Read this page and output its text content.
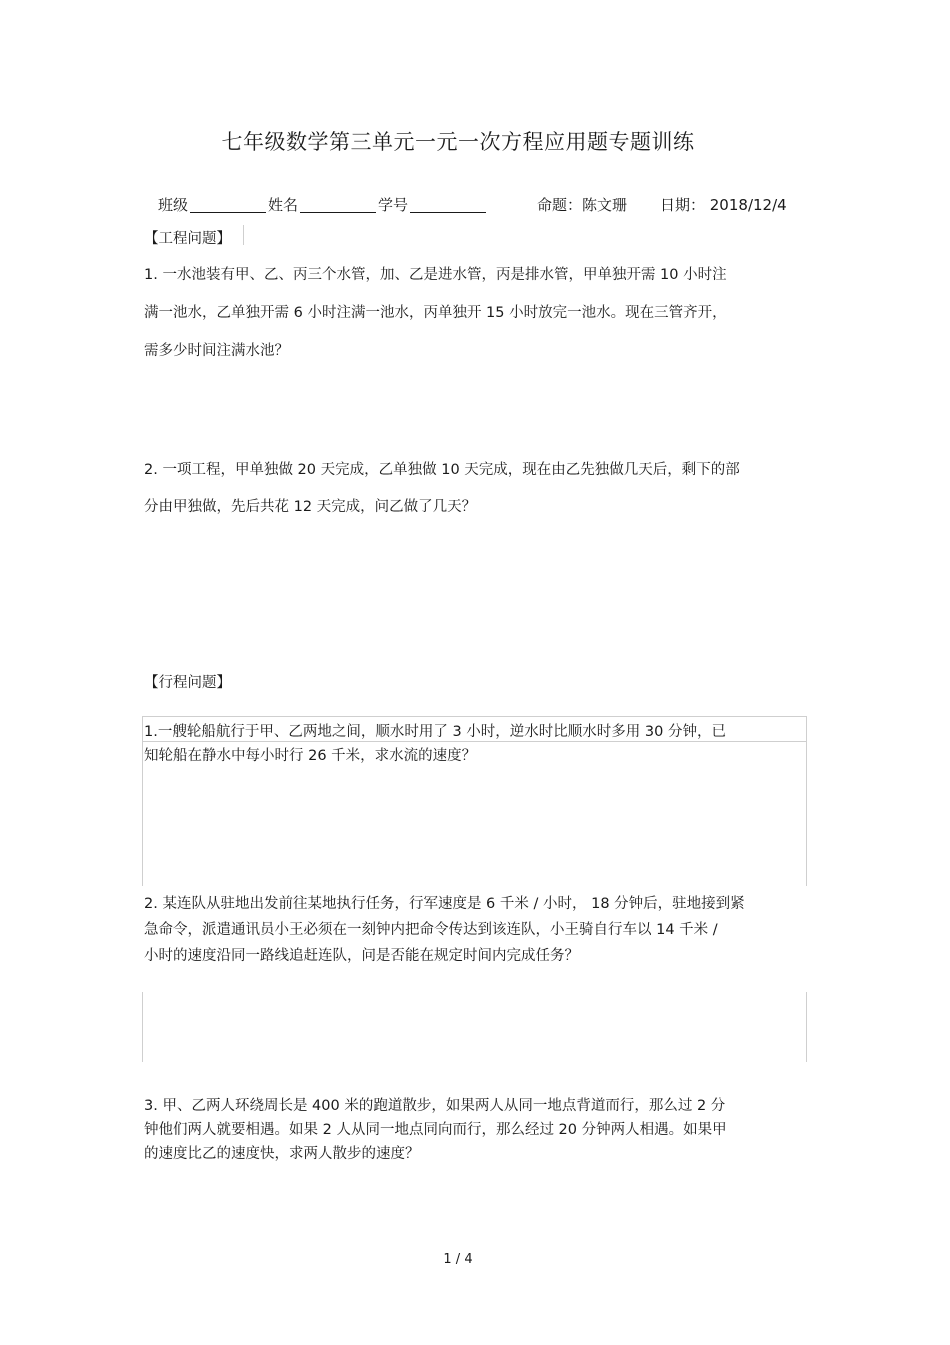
七年级数学第三单元一元一次方程应用题专题训练
班级	姓名	学号	命题：陈文珊 日期： 2018/12/4
【工程问题】
1. 一水池装有甲、乙、丙三个水管，加、乙是进水管，丙是排水管，甲单独开需 10 小时注
满一池水，乙单独开需 6 小时注满一池水，丙单独开 15 小时放完一池水。现在三管齐开，
需多少时间注满水池？
2. 一项工程，甲单独做 20 天完成，乙单独做 10 天完成，现在由乙先独做几天后，剩下的部
分由甲独做，先后共花 12 天完成，问乙做了几天？
【行程问题】
1.一艘轮船航行于甲、乙两地之间，顺水时用了 3 小时，逆水时比顺水时多用 30 分钟，已
知轮船在静水中每小时行 26 千米，求水流的速度？
2. 某连队从驻地出发前往某地执行任务，行军速度是 6 千米 / 小时， 18 分钟后，驻地接到紧
急命令，派遣通讯员小王必须在一刻钟内把命令传达到该连队，小王骑自行车以 14 千米 /
小时的速度沿同一路线追赶连队，问是否能在规定时间内完成任务？
3. 甲、乙两人环绕周长是 400 米的跑道散步，如果两人从同一地点背道而行，那么过 2 分
钟他们两人就要相遇。如果 2 人从同一地点同向而行，那么经过 20 分钟两人相遇。如果甲
的速度比乙的速度快，求两人散步的速度？
1 / 4
